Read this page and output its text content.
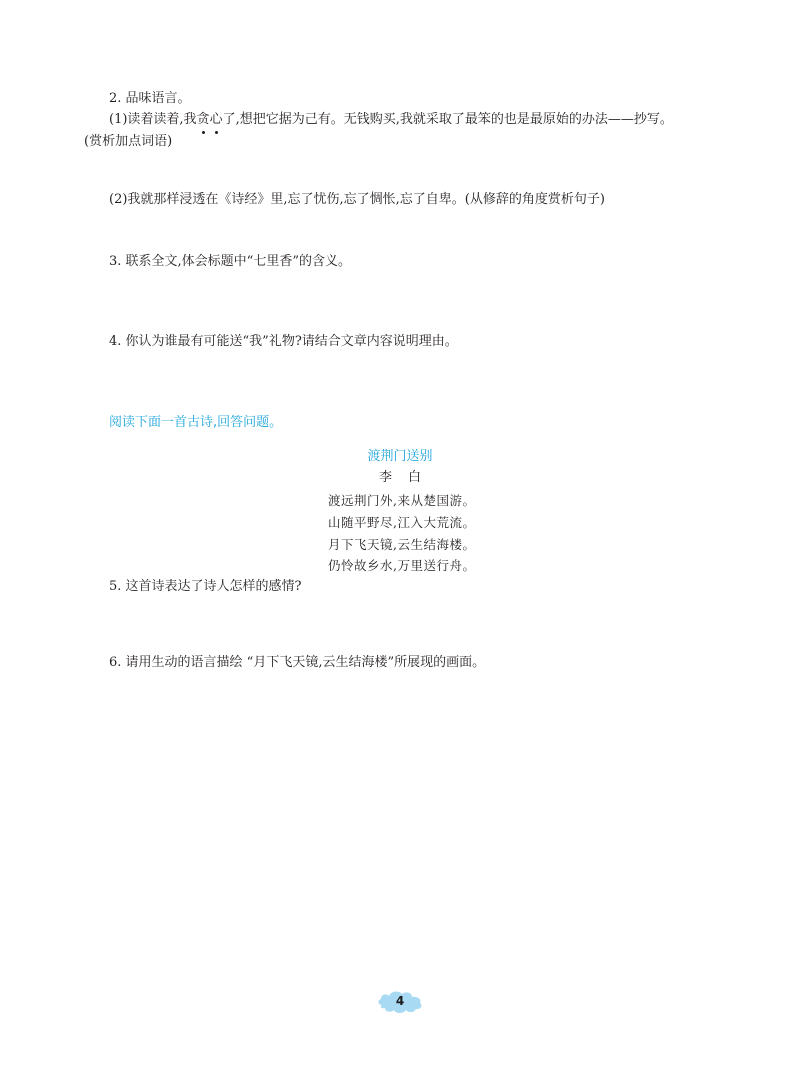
2. 品味语言。
(1)读着读着,我贪心了,想把它据为己有。无钱购买,我就采取了最笨的也是最原始的办法——抄写。
(赏析加点词语)
(2)我就那样浸透在《诗经》里,忘了忧伤,忘了惆怅,忘了自卑。(从修辞的角度赏析句子)
3. 联系全文,体会标题中“七里香”的含义。
4. 你认为谁最有可能送“我”礼物?请结合文章内容说明理由。
阅读下面一首古诗,回答问题。
渡荆门送别
李白
渡远荆门外,来从楚国游。
山随平野尽,江入大荒流。
月下飞天镜,云生结海楼。
仍怜故乡水,万里送行舟。
5. 这首诗表达了诗人怎样的感情?
6. 请用生动的语言描绘 “月下飞天镜,云生结海楼”所展现的画面。
4
